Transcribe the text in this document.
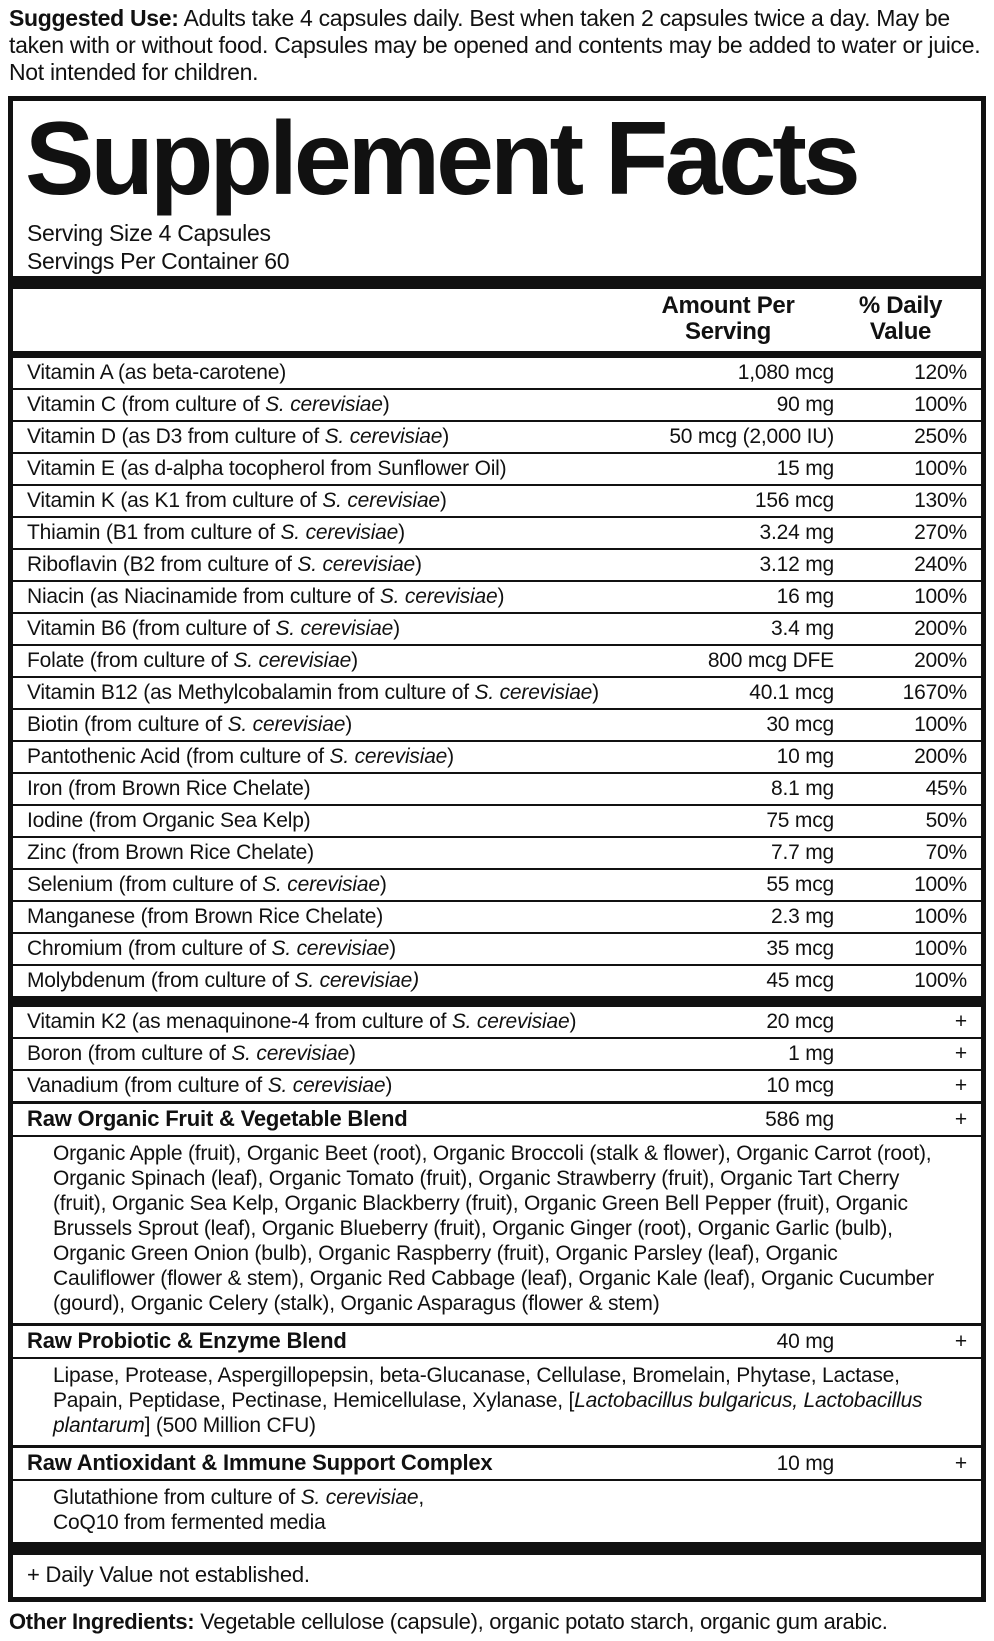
Suggested Use: Adults take 4 capsules daily. Best when taken 2 capsules twice a day. May be taken with or without food. Capsules may be opened and contents may be added to water or juice. Not intended for children.
Supplement Facts
Serving Size 4 Capsules
Servings Per Container 60
Amount Per Serving
% Daily Value
Vitamin A (as beta-carotene)	1,080 mcg	120%
Vitamin C (from culture of S. cerevisiae)	90 mg	100%
Vitamin D (as D3 from culture of S. cerevisiae)	50 mcg (2,000 IU)	250%
Vitamin E (as d-alpha tocopherol from Sunflower Oil)	15 mg	100%
Vitamin K (as K1 from culture of S. cerevisiae)	156 mcg	130%
Thiamin (B1 from culture of S. cerevisiae)	3.24 mg	270%
Riboflavin (B2 from culture of S. cerevisiae)	3.12 mg	240%
Niacin (as Niacinamide from culture of S. cerevisiae)	16 mg	100%
Vitamin B6 (from culture of S. cerevisiae)	3.4 mg	200%
Folate (from culture of S. cerevisiae)	800 mcg DFE	200%
Vitamin B12 (as Methylcobalamin from culture of S. cerevisiae)	40.1 mcg	1670%
Biotin (from culture of S. cerevisiae)	30 mcg	100%
Pantothenic Acid (from culture of S. cerevisiae)	10 mg	200%
Iron (from Brown Rice Chelate)	8.1 mg	45%
Iodine (from Organic Sea Kelp)	75 mcg	50%
Zinc (from Brown Rice Chelate)	7.7 mg	70%
Selenium (from culture of S. cerevisiae)	55 mcg	100%
Manganese (from Brown Rice Chelate)	2.3 mg	100%
Chromium (from culture of S. cerevisiae)	35 mcg	100%
Molybdenum (from culture of S. cerevisiae)	45 mcg	100%
Vitamin K2 (as menaquinone-4 from culture of S. cerevisiae)	20 mcg	+
Boron (from culture of S. cerevisiae)	1 mg	+
Vanadium (from culture of S. cerevisiae)	10 mcg	+
Raw Organic Fruit & Vegetable Blend	586 mg	+
Organic Apple (fruit), Organic Beet (root), Organic Broccoli (stalk & flower), Organic Carrot (root), Organic Spinach (leaf), Organic Tomato (fruit), Organic Strawberry (fruit), Organic Tart Cherry (fruit), Organic Sea Kelp, Organic Blackberry (fruit), Organic Green Bell Pepper (fruit), Organic Brussels Sprout (leaf), Organic Blueberry (fruit), Organic Ginger (root), Organic Garlic (bulb), Organic Green Onion (bulb), Organic Raspberry (fruit), Organic Parsley (leaf), Organic Cauliflower (flower & stem), Organic Red Cabbage (leaf), Organic Kale (leaf), Organic Cucumber (gourd), Organic Celery (stalk), Organic Asparagus (flower & stem)
Raw Probiotic & Enzyme Blend	40 mg	+
Lipase, Protease, Aspergillopepsin, beta-Glucanase, Cellulase, Bromelain, Phytase, Lactase, Papain, Peptidase, Pectinase, Hemicellulase, Xylanase, [Lactobacillus bulgaricus, Lactobacillus plantarum] (500 Million CFU)
Raw Antioxidant & Immune Support Complex	10 mg	+
Glutathione from culture of S. cerevisiae,
CoQ10 from fermented media
+ Daily Value not established.
Other Ingredients: Vegetable cellulose (capsule), organic potato starch, organic gum arabic.
